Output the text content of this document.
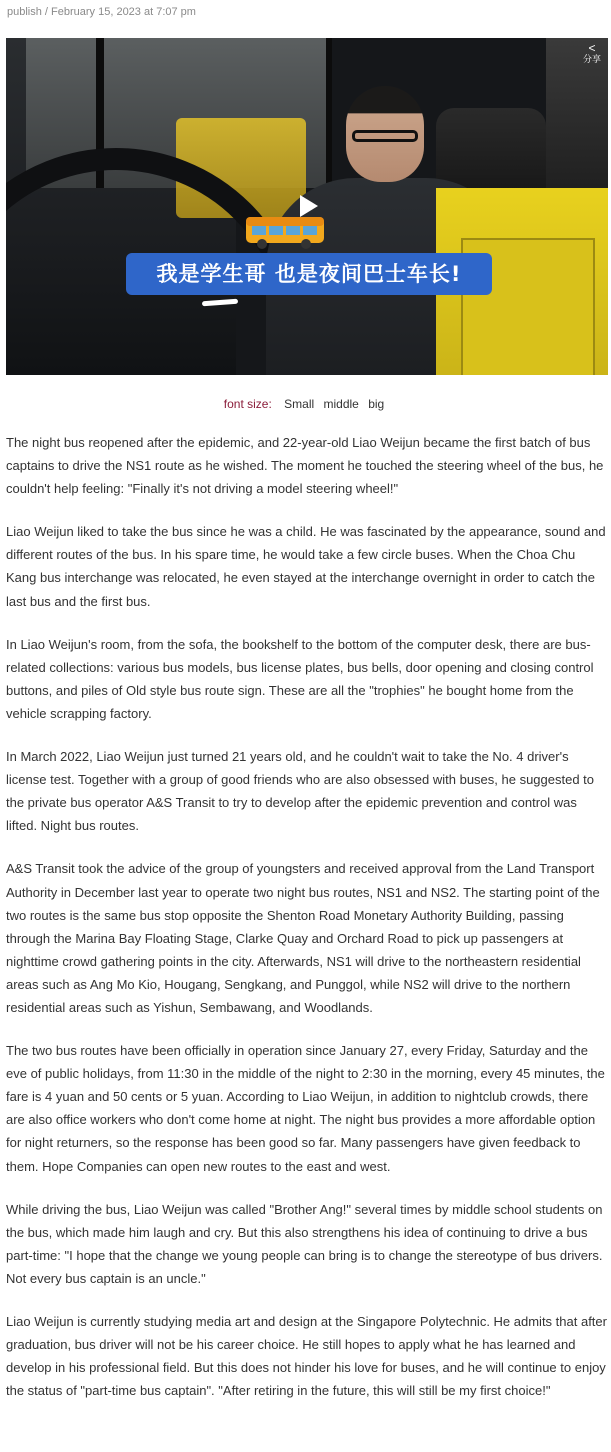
publish / February 15, 2023 at 7:07 pm
<
分享
我是学生哥 也是夜间巴士车长!
font size: Small middle big

The night bus reopened after the epidemic, and 22-year-old Liao Weijun became the first batch of bus captains to drive the NS1 route as he wished. The moment he touched the steering wheel of the bus, he couldn't help feeling: "Finally it's not driving a model steering wheel!"

Liao Weijun liked to take the bus since he was a child. He was fascinated by the appearance, sound and different routes of the bus. In his spare time, he would take a few circle buses. When the Choa Chu Kang bus interchange was relocated, he even stayed at the interchange overnight in order to catch the last bus and the first bus.

In Liao Weijun's room, from the sofa, the bookshelf to the bottom of the computer desk, there are bus-related collections: various bus models, bus license plates, bus bells, door opening and closing control buttons, and piles of Old style bus route sign. These are all the "trophies" he bought home from the vehicle scrapping factory.

In March 2022, Liao Weijun just turned 21 years old, and he couldn't wait to take the No. 4 driver's license test. Together with a group of good friends who are also obsessed with buses, he suggested to the private bus operator A&S Transit to try to develop after the epidemic prevention and control was lifted. Night bus routes.

A&S Transit took the advice of the group of youngsters and received approval from the Land Transport Authority in December last year to operate two night bus routes, NS1 and NS2. The starting point of the two routes is the same bus stop opposite the Shenton Road Monetary Authority Building, passing through the Marina Bay Floating Stage, Clarke Quay and Orchard Road to pick up passengers at nighttime crowd gathering points in the city. Afterwards, NS1 will drive to the northeastern residential areas such as Ang Mo Kio, Hougang, Sengkang, and Punggol, while NS2 will drive to the northern residential areas such as Yishun, Sembawang, and Woodlands.

The two bus routes have been officially in operation since January 27, every Friday, Saturday and the eve of public holidays, from 11:30 in the middle of the night to 2:30 in the morning, every 45 minutes, the fare is 4 yuan and 50 cents or 5 yuan. According to Liao Weijun, in addition to nightclub crowds, there are also office workers who don't come home at night. The night bus provides a more affordable option for night returners, so the response has been good so far. Many passengers have given feedback to them. Hope Companies can open new routes to the east and west.

While driving the bus, Liao Weijun was called "Brother Ang!" several times by middle school students on the bus, which made him laugh and cry. But this also strengthens his idea of continuing to drive a bus part-time: "I hope that the change we young people can bring is to change the stereotype of bus drivers. Not every bus captain is an uncle."

Liao Weijun is currently studying media art and design at the Singapore Polytechnic. He admits that after graduation, bus driver will not be his career choice. He still hopes to apply what he has learned and develop in his professional field. But this does not hinder his love for buses, and he will continue to enjoy the status of "part-time bus captain". "After retiring in the future, this will still be my first choice!"
